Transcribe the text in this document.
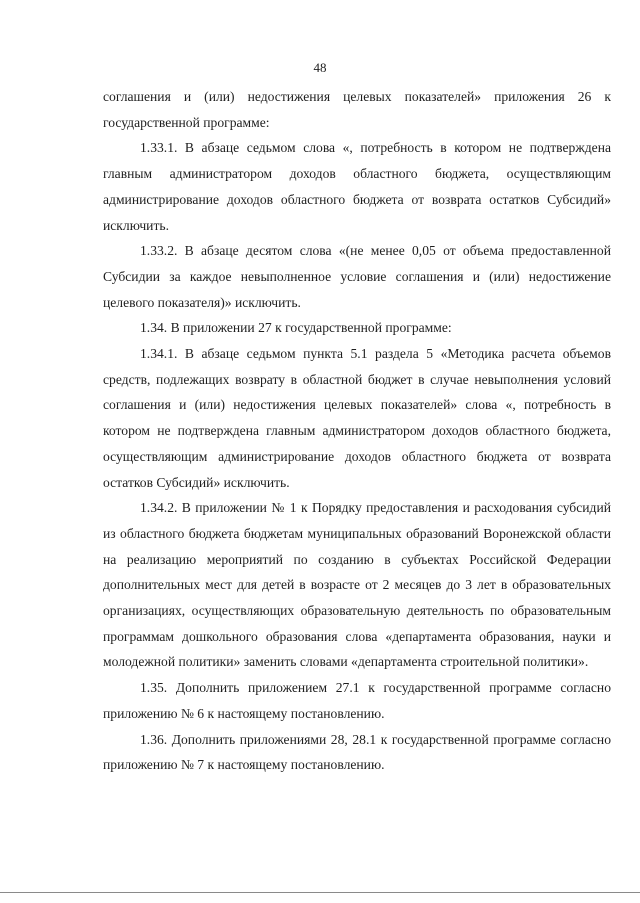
48

соглашения и (или) недостижения целевых показателей» приложения 26 к государственной программе:

1.33.1. В абзаце седьмом слова «, потребность в котором не подтверждена главным администратором доходов областного бюджета, осуществляющим администрирование доходов областного бюджета от возврата остатков Субсидий» исключить.

1.33.2. В абзаце десятом слова «(не менее 0,05 от объема предоставленной Субсидии за каждое невыполненное условие соглашения и (или) недостижение целевого показателя)» исключить.

1.34. В приложении 27 к государственной программе:

1.34.1. В абзаце седьмом пункта 5.1 раздела 5 «Методика расчета объемов средств, подлежащих возврату в областной бюджет в случае невыполнения условий соглашения и (или) недостижения целевых показателей» слова «, потребность в котором не подтверждена главным администратором доходов областного бюджета, осуществляющим администрирование доходов областного бюджета от возврата остатков Субсидий» исключить.

1.34.2. В приложении № 1 к Порядку предоставления и расходования субсидий из областного бюджета бюджетам муниципальных образований Воронежской области на реализацию мероприятий по созданию в субъектах Российской Федерации дополнительных мест для детей в возрасте от 2 месяцев до 3 лет в образовательных организациях, осуществляющих образовательную деятельность по образовательным программам дошкольного образования слова «департамента образования, науки и молодежной политики» заменить словами «департамента строительной политики».

1.35. Дополнить приложением 27.1 к государственной программе согласно приложению № 6 к настоящему постановлению.

1.36. Дополнить приложениями 28, 28.1 к государственной программе согласно приложению № 7 к настоящему постановлению.
